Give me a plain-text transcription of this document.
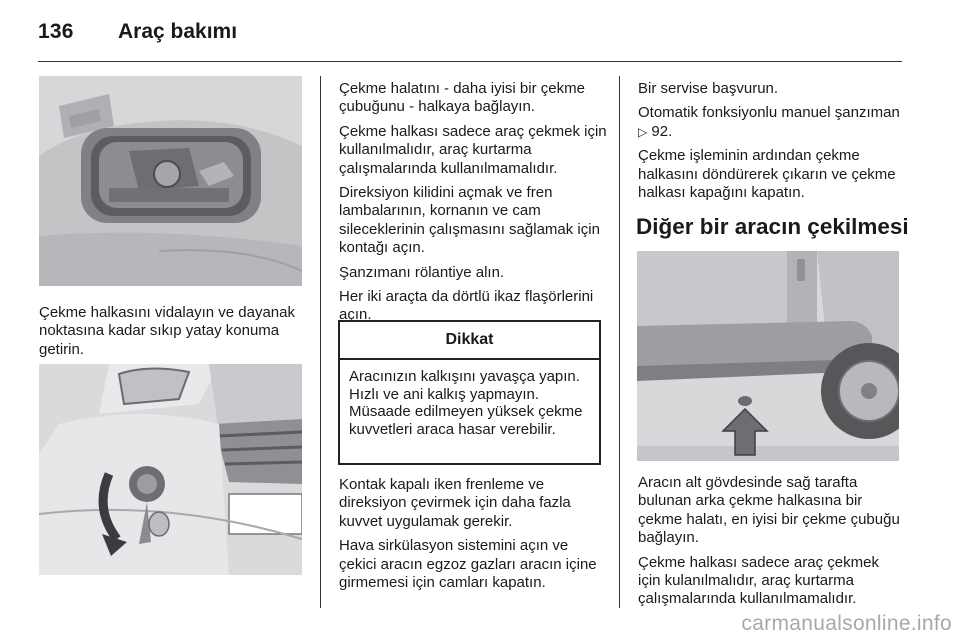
136 Araç bakımı
Çekme halkasını vidalayın ve dayanak noktasına kadar sıkıp yatay konuma getirin.

Çekme halatını - daha iyisi bir çekme çubuğunu - halkaya bağlayın.

Çekme halkası sadece araç çekmek için kullanılmalıdır, araç kurtarma çalışmalarında kullanılmamalıdır.

Direksiyon kilidini açmak ve fren lambalarının, kornanın ve cam sileceklerinin çalışmasını sağlamak için kontağı açın.

Şanzımanı rölantiye alın.

Her iki araçta da dörtlü ikaz flaşörlerini açın.

Dikkat
Aracınızın kalkışını yavaşça yapın. Hızlı ve ani kalkış yapmayın. Müsaade edilmeyen yüksek çekme kuvvetleri araca hasar verebilir.

Kontak kapalı iken frenleme ve direksiyon çevirmek için daha fazla kuvvet uygulamak gerekir.

Hava sirkülasyon sistemini açın ve çekici aracın egzoz gazları aracın içine girmemesi için camları kapatın.

Bir servise başvurun.

Otomatik fonksiyonlu manuel şanzıman ▷ 92.

Çekme işleminin ardından çekme halkasını döndürerek çıkarın ve çekme halkası kapağını kapatın.

Diğer bir aracın çekilmesi

Aracın alt gövdesinde sağ tarafta bulunan arka çekme halkasına bir çekme halatı, en iyisi bir çekme çubuğu bağlayın.

Çekme halkası sadece araç çekmek için kulanılmalıdır, araç kurtarma çalışmalarında kullanılmamalıdır.

carmanualsonline.info
